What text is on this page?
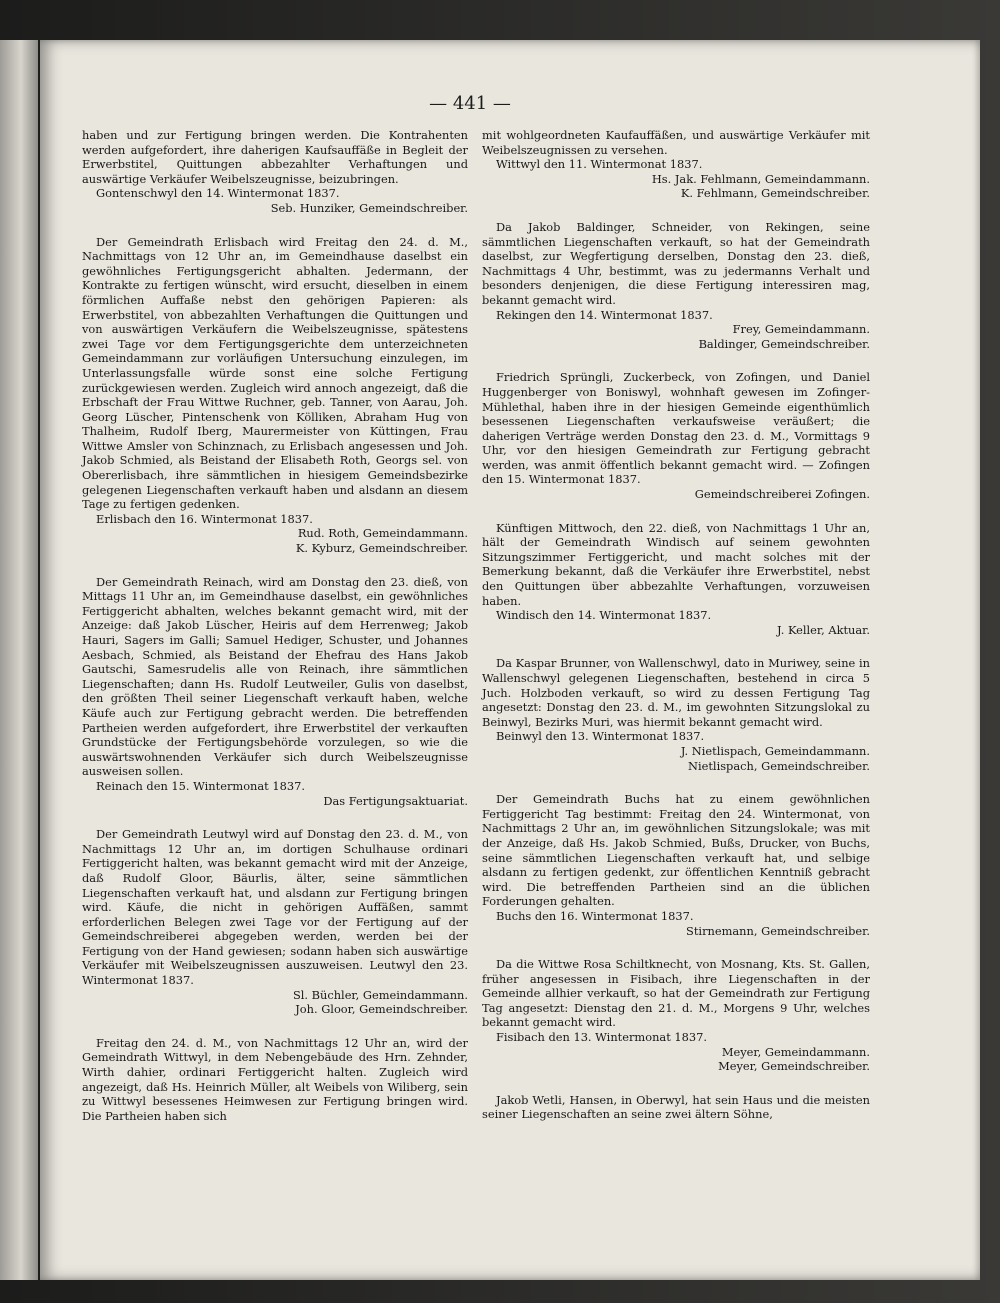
— 441 —

haben und zur Fertigung bringen werden. Die Kontrahenten werden aufgefordert, ihre daherigen Kaufsauffäße in Begleit der Erwerbstitel, Quittungen abbezahlter Verhaftungen und auswärtige Verkäufer Weibelszeugnisse, beizubringen.

Gontenschwyl den 14. Wintermonat 1837.

Seb. Hunziker, Gemeindschreiber.

Der Gemeindrath Erlisbach wird Freitag den 24. d. M., Nachmittags von 12 Uhr an, im Gemeindhause daselbst ein gewöhnliches Fertigungsgericht abhalten. Jedermann, der Kontrakte zu fertigen wünscht, wird ersucht, dieselben in einem förmlichen Auffaße nebst den gehörigen Papieren: als Erwerbstitel, von abbezahlten Verhaftungen die Quittungen und von auswärtigen Verkäufern die Weibelszeugnisse, spätestens zwei Tage vor dem Fertigungsgerichte dem unterzeichneten Gemeindammann zur vorläufigen Untersuchung einzulegen, im Unterlassungsfalle würde sonst eine solche Fertigung zurückgewiesen werden. Zugleich wird annoch angezeigt, daß die Erbschaft der Frau Wittwe Ruchner, geb. Tanner, von Aarau, Joh. Georg Lüscher, Pintenschenk von Kölliken, Abraham Hug von Thalheim, Rudolf Iberg, Maurermeister von Küttingen, Frau Wittwe Amsler von Schinznach, zu Erlisbach angesessen und Joh. Jakob Schmied, als Beistand der Elisabeth Roth, Georgs sel. von Obererlisbach, ihre sämmtlichen in hiesigem Gemeindsbezirke gelegenen Liegenschaften verkauft haben und alsdann an diesem Tage zu fertigen gedenken.

Erlisbach den 16. Wintermonat 1837.

Rud. Roth, Gemeindammann.

K. Kyburz, Gemeindschreiber.

Der Gemeindrath Reinach, wird am Donstag den 23. dieß, von Mittags 11 Uhr an, im Gemeindhause daselbst, ein gewöhnliches Fertiggericht abhalten, welches bekannt gemacht wird, mit der Anzeige: daß Jakob Lüscher, Heiris auf dem Herrenweg; Jakob Hauri, Sagers im Galli; Samuel Hediger, Schuster, und Johannes Aesbach, Schmied, als Beistand der Ehefrau des Hans Jakob Gautschi, Samesrudelis alle von Reinach, ihre sämmtlichen Liegenschaften; dann Hs. Rudolf Leutweiler, Gulis von daselbst, den größten Theil seiner Liegenschaft verkauft haben, welche Käufe auch zur Fertigung gebracht werden. Die betreffenden Partheien werden aufgefordert, ihre Erwerbstitel der verkauften Grundstücke der Fertigungsbehörde vorzulegen, so wie die auswärtswohnenden Verkäufer sich durch Weibelszeugnisse ausweisen sollen.

Reinach den 15. Wintermonat 1837.

Das Fertigungsaktuariat.

Der Gemeindrath Leutwyl wird auf Donstag den 23. d. M., von Nachmittags 12 Uhr an, im dortigen Schulhause ordinari Fertiggericht halten, was bekannt gemacht wird mit der Anzeige, daß Rudolf Gloor, Bäurlis, älter, seine sämmtlichen Liegenschaften verkauft hat, und alsdann zur Fertigung bringen wird. Käufe, die nicht in gehörigen Auffäßen, sammt erforderlichen Belegen zwei Tage vor der Fertigung auf der Gemeindschreiberei abgegeben werden, werden bei der Fertigung von der Hand gewiesen; sodann haben sich auswärtige Verkäufer mit Weibelszeugnissen auszuweisen. Leutwyl den 23. Wintermonat 1837.

Sl. Büchler, Gemeindammann.

Joh. Gloor, Gemeindschreiber.

Freitag den 24. d. M., von Nachmittags 12 Uhr an, wird der Gemeindrath Wittwyl, in dem Nebengebäude des Hrn. Zehnder, Wirth dahier, ordinari Fertiggericht halten. Zugleich wird angezeigt, daß Hs. Heinrich Müller, alt Weibels von Wiliberg, sein zu Wittwyl besessenes Heimwesen zur Fertigung bringen wird. Die Partheien haben sich

mit wohlgeordneten Kaufauffäßen, und auswärtige Verkäufer mit Weibelszeugnissen zu versehen.

Wittwyl den 11. Wintermonat 1837.

Hs. Jak. Fehlmann, Gemeindammann.

K. Fehlmann, Gemeindschreiber.

Da Jakob Baldinger, Schneider, von Rekingen, seine sämmtlichen Liegenschaften verkauft, so hat der Gemeindrath daselbst, zur Wegfertigung derselben, Donstag den 23. dieß, Nachmittags 4 Uhr, bestimmt, was zu jedermanns Verhalt und besonders denjenigen, die diese Fertigung interessiren mag, bekannt gemacht wird.

Rekingen den 14. Wintermonat 1837.

Frey, Gemeindammann.

Baldinger, Gemeindschreiber.

Friedrich Sprüngli, Zuckerbeck, von Zofingen, und Daniel Huggenberger von Boniswyl, wohnhaft gewesen im Zofinger-Mühlethal, haben ihre in der hiesigen Gemeinde eigenthümlich besessenen Liegenschaften verkaufsweise veräußert; die daherigen Verträge werden Donstag den 23. d. M., Vormittags 9 Uhr, vor den hiesigen Gemeindrath zur Fertigung gebracht werden, was anmit öffentlich bekannt gemacht wird. — Zofingen den 15. Wintermonat 1837.

Gemeindschreiberei Zofingen.

Künftigen Mittwoch, den 22. dieß, von Nachmittags 1 Uhr an, hält der Gemeindrath Windisch auf seinem gewohnten Sitzungszimmer Fertiggericht, und macht solches mit der Bemerkung bekannt, daß die Verkäufer ihre Erwerbstitel, nebst den Quittungen über abbezahlte Verhaftungen, vorzuweisen haben.

Windisch den 14. Wintermonat 1837.

J. Keller, Aktuar.

Da Kaspar Brunner, von Wallenschwyl, dato in Muriwey, seine in Wallenschwyl gelegenen Liegenschaften, bestehend in circa 5 Juch. Holzboden verkauft, so wird zu dessen Fertigung Tag angesetzt: Donstag den 23. d. M., im gewohnten Sitzungslokal zu Beinwyl, Bezirks Muri, was hiermit bekannt gemacht wird.

Beinwyl den 13. Wintermonat 1837.

J. Nietlispach, Gemeindammann.

Nietlispach, Gemeindschreiber.

Der Gemeindrath Buchs hat zu einem gewöhnlichen Fertiggericht Tag bestimmt: Freitag den 24. Wintermonat, von Nachmittags 2 Uhr an, im gewöhnlichen Sitzungslokale; was mit der Anzeige, daß Hs. Jakob Schmied, Bußs, Drucker, von Buchs, seine sämmtlichen Liegenschaften verkauft hat, und selbige alsdann zu fertigen gedenkt, zur öffentlichen Kenntniß gebracht wird. Die betreffenden Partheien sind an die üblichen Forderungen gehalten.

Buchs den 16. Wintermonat 1837.

Stirnemann, Gemeindschreiber.

Da die Wittwe Rosa Schiltknecht, von Mosnang, Kts. St. Gallen, früher angesessen in Fisibach, ihre Liegenschaften in der Gemeinde allhier verkauft, so hat der Gemeindrath zur Fertigung Tag angesetzt: Dienstag den 21. d. M., Morgens 9 Uhr, welches bekannt gemacht wird.

Fisibach den 13. Wintermonat 1837.

Meyer, Gemeindammann.

Meyer, Gemeindschreiber.

Jakob Wetli, Hansen, in Oberwyl, hat sein Haus und die meisten seiner Liegenschaften an seine zwei ältern Söhne,
